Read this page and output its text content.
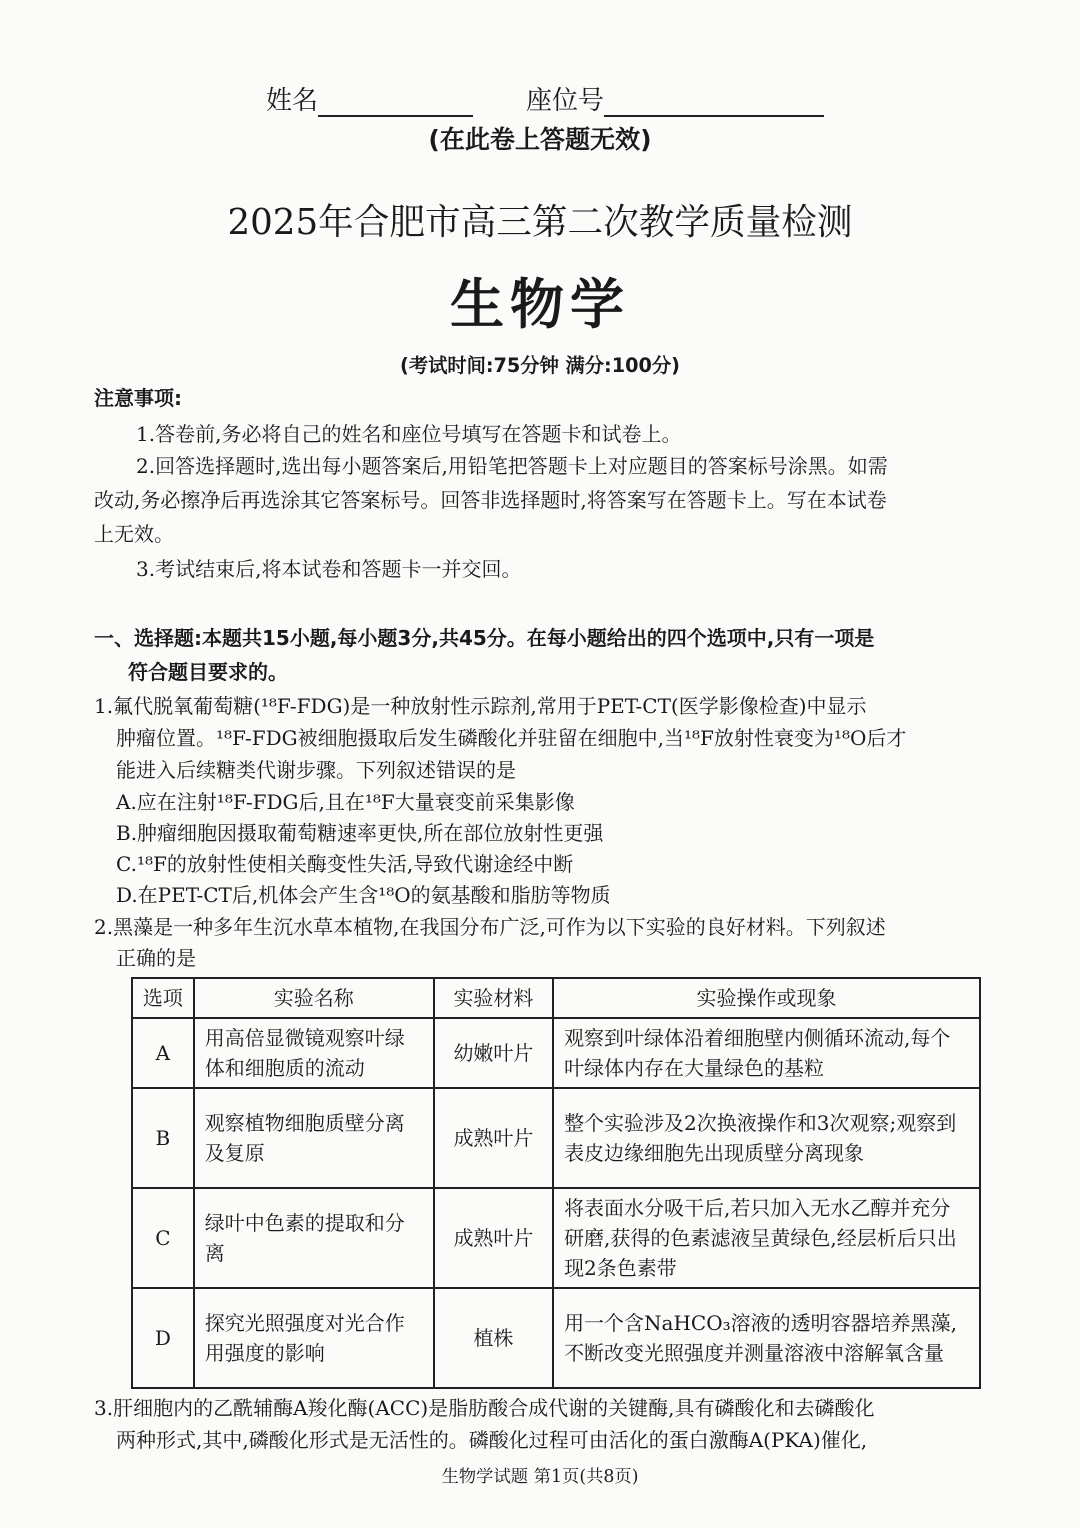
姓名	座位号
(在此卷上答题无效)
2025年合肥市高三第二次教学质量检测
生物学
(考试时间:75分钟 满分:100分)
注意事项:
1.答卷前,务必将自己的姓名和座位号填写在答题卡和试卷上。
2.回答选择题时,选出每小题答案后,用铅笔把答题卡上对应题目的答案标号涂黑。如需
改动,务必擦净后再选涂其它答案标号。回答非选择题时,将答案写在答题卡上。写在本试卷
上无效。
3.考试结束后,将本试卷和答题卡一并交回。
一、选择题:本题共15小题,每小题3分,共45分。在每小题给出的四个选项中,只有一项是
符合题目要求的。
1.氟代脱氧葡萄糖(¹⁸F-FDG)是一种放射性示踪剂,常用于PET-CT(医学影像检查)中显示
肿瘤位置。¹⁸F-FDG被细胞摄取后发生磷酸化并驻留在细胞中,当¹⁸F放射性衰变为¹⁸O后才
能进入后续糖类代谢步骤。下列叙述错误的是
A.应在注射¹⁸F-FDG后,且在¹⁸F大量衰变前采集影像
B.肿瘤细胞因摄取葡萄糖速率更快,所在部位放射性更强
C.¹⁸F的放射性使相关酶变性失活,导致代谢途经中断
D.在PET-CT后,机体会产生含¹⁸O的氨基酸和脂肪等物质
2.黑藻是一种多年生沉水草本植物,在我国分布广泛,可作为以下实验的良好材料。下列叙述
正确的是
选项	实验名称	实验材料	实验操作或现象
A	用高倍显微镜观察叶绿体和细胞质的流动	幼嫩叶片	观察到叶绿体沿着细胞壁内侧循环流动,每个叶绿体内存在大量绿色的基粒
B	观察植物细胞质壁分离及复原	成熟叶片	整个实验涉及2次换液操作和3次观察;观察到表皮边缘细胞先出现质壁分离现象
C	绿叶中色素的提取和分离	成熟叶片	将表面水分吸干后,若只加入无水乙醇并充分研磨,获得的色素滤液呈黄绿色,经层析后只出现2条色素带
D	探究光照强度对光合作用强度的影响	植株	用一个含NaHCO₃溶液的透明容器培养黑藻,不断改变光照强度并测量溶液中溶解氧含量
3.肝细胞内的乙酰辅酶A羧化酶(ACC)是脂肪酸合成代谢的关键酶,具有磷酸化和去磷酸化
两种形式,其中,磷酸化形式是无活性的。磷酸化过程可由活化的蛋白激酶A(PKA)催化,
生物学试题 第1页(共8页)
